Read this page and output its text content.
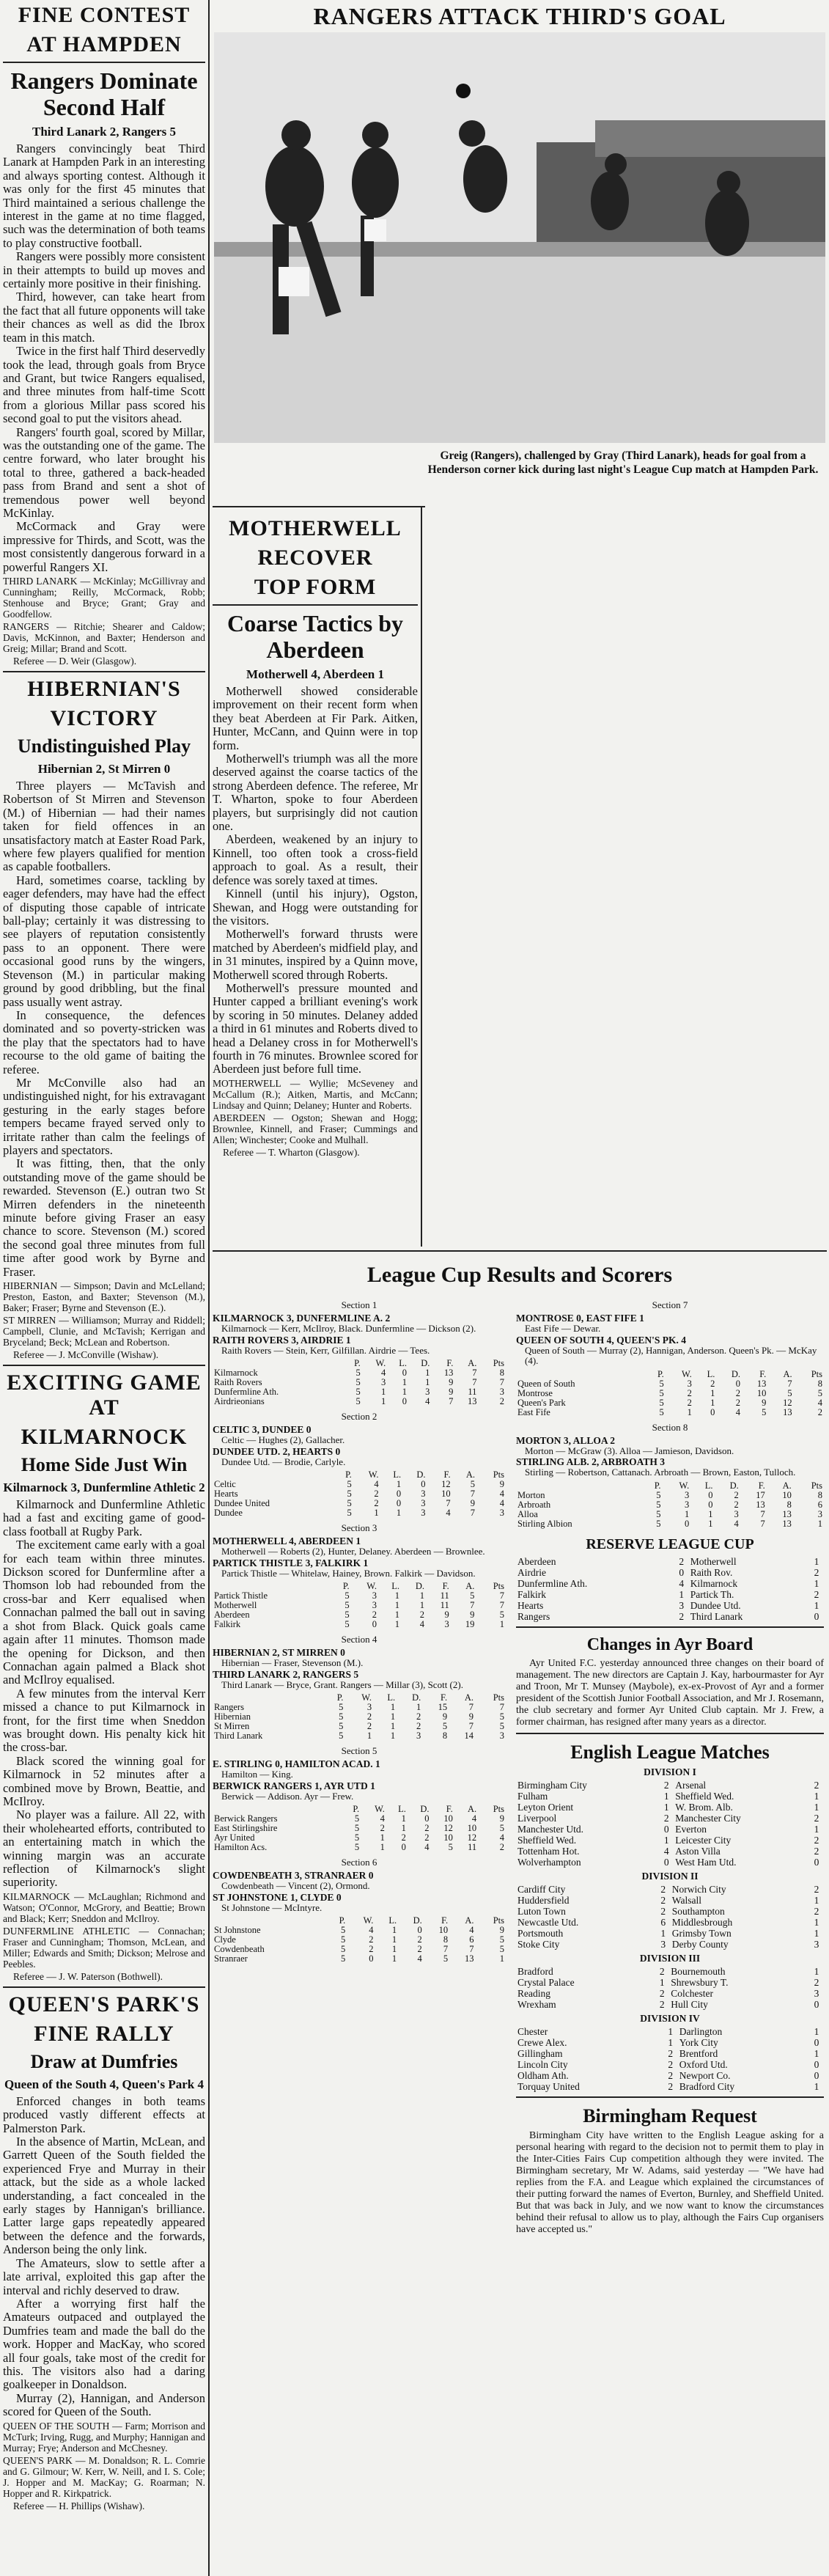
FINE CONTEST
AT HAMPDEN
Rangers Dominate Second Half
Third Lanark 2, Rangers 5

Rangers convincingly beat Third Lanark at Hampden Park in an interesting and always sporting contest. Although it was only for the first 45 minutes that Third maintained a serious challenge the interest in the game at no time flagged, such was the determination of both teams to play constructive football.

Rangers were possibly more consistent in their attempts to build up moves and certainly more positive in their finishing.

Third, however, can take heart from the fact that all future opponents will take their chances as well as did the Ibrox team in this match.

Twice in the first half Third deservedly took the lead, through goals from Bryce and Grant, but twice Rangers equalised, and three minutes from half-time Scott from a glorious Millar pass scored his second goal to put the visitors ahead.

Rangers' fourth goal, scored by Millar, was the outstanding one of the game. The centre forward, who later brought his total to three, gathered a back-headed pass from Brand and sent a shot of tremendous power well beyond McKinlay.

McCormack and Gray were impressive for Thirds, and Scott, was the most consistently dangerous forward in a powerful Rangers XI.

THIRD LANARK — McKinlay; McGillivray and Cunningham; Reilly, McCormack, Robb; Stenhouse and Bryce; Grant; Gray and Goodfellow.

RANGERS — Ritchie; Shearer and Caldow; Davis, McKinnon, and Baxter; Henderson and Greig; Millar; Brand and Scott.

Referee — D. Weir (Glasgow).

HIBERNIAN'S
VICTORY
Undistinguished Play
Hibernian 2, St Mirren 0

Three players — McTavish and Robertson of St Mirren and Stevenson (M.) of Hibernian — had their names taken for field offences in an unsatisfactory match at Easter Road Park, where few players qualified for mention as capable footballers.

Hard, sometimes coarse, tackling by eager defenders, may have had the effect of disputing those capable of intricate ball-play; certainly it was distressing to see players of reputation consistently pass to an opponent. There were occasional good runs by the wingers, Stevenson (M.) in particular making ground by good dribbling, but the final pass usually went astray.

In consequence, the defences dominated and so poverty-stricken was the play that the spectators had to have recourse to the old game of baiting the referee.

Mr McConville also had an undistinguished night, for his extravagant gesturing in the early stages before tempers became frayed served only to irritate rather than calm the feelings of players and spectators.

It was fitting, then, that the only outstanding move of the game should be rewarded. Stevenson (E.) outran two St Mirren defenders in the nineteenth minute before giving Fraser an easy chance to score. Stevenson (M.) scored the second goal three minutes from full time after good work by Byrne and Fraser.

HIBERNIAN — Simpson; Davin and McLelland; Preston, Easton, and Baxter; Stevenson (M.), Baker; Fraser; Byrne and Stevenson (E.).

ST MIRREN — Williamson; Murray and Riddell; Campbell, Clunie, and McTavish; Kerrigan and Bryceland; Beck; McLean and Robertson.

Referee — J. McConville (Wishaw).

EXCITING GAME AT
KILMARNOCK
Home Side Just Win
Kilmarnock 3, Dunfermline Athletic 2

Kilmarnock and Dunfermline Athletic had a fast and exciting game of good-class football at Rugby Park.

The excitement came early with a goal for each team within three minutes. Dickson scored for Dunfermline after a Thomson lob had rebounded from the cross-bar and Kerr equalised when Connachan palmed the ball out in saving a shot from Black. Quick goals came again after 11 minutes. Thomson made the opening for Dickson, and then Connachan again palmed a Black shot and McIlroy equalised.

A few minutes from the interval Kerr missed a chance to put Kilmarnock in front, for the first time when Sneddon was brought down. His penalty kick hit the cross-bar.

Black scored the winning goal for Kilmarnock in 52 minutes after a combined move by Brown, Beattie, and McIlroy.

No player was a failure. All 22, with their wholehearted efforts, contributed to an entertaining match in which the winning margin was an accurate reflection of Kilmarnock's slight superiority.

KILMARNOCK — McLaughlan; Richmond and Watson; O'Connor, McGrory, and Beattie; Brown and Black; Kerr; Sneddon and McIlroy.

DUNFERMLINE ATHLETIC — Connachan; Fraser and Cunningham; Thomson, McLean, and Miller; Edwards and Smith; Dickson; Melrose and Peebles.

Referee — J. W. Paterson (Bothwell).

QUEEN'S PARK'S
FINE RALLY
Draw at Dumfries
Queen of the South 4, Queen's Park 4

Enforced changes in both teams produced vastly different effects at Palmerston Park.

In the absence of Martin, McLean, and Garrett Queen of the South fielded the experienced Frye and Murray in their attack, but the side as a whole lacked understanding, a fact concealed in the early stages by Hannigan's brilliance. Latter large gaps repeatedly appeared between the defence and the forwards, Anderson being the only link.

The Amateurs, slow to settle after a late arrival, exploited this gap after the interval and richly deserved to draw.

After a worrying first half the Amateurs outpaced and outplayed the Dumfries team and made the ball do the work. Hopper and MacKay, who scored all four goals, take most of the credit for this. The visitors also had a daring goalkeeper in Donaldson.

Murray (2), Hannigan, and Anderson scored for Queen of the South.

QUEEN OF THE SOUTH — Farm; Morrison and McTurk; Irving, Rugg, and Murphy; Hannigan and Murray; Frye; Anderson and McChesney.

QUEEN'S PARK — M. Donaldson; R. L. Comrie and G. Gilmour; W. Kerr, W. Neill, and I. S. Cole; J. Hopper and M. MacKay; G. Roarman; N. Hopper and R. Kirkpatrick.

Referee — H. Phillips (Wishaw).

RANGERS ATTACK THIRD'S GOAL
Greig (Rangers), challenged by Gray (Third Lanark), heads for goal from a Henderson corner kick during last night's League Cup match at Hampden Park.
MOTHERWELL
RECOVER
TOP FORM
Coarse Tactics by Aberdeen
Motherwell 4, Aberdeen 1

Motherwell showed considerable improvement on their recent form when they beat Aberdeen at Fir Park. Aitken, Hunter, McCann, and Quinn were in top form.

Motherwell's triumph was all the more deserved against the coarse tactics of the strong Aberdeen defence. The referee, Mr T. Wharton, spoke to four Aberdeen players, but surprisingly did not caution one.

Aberdeen, weakened by an injury to Kinnell, too often took a cross-field approach to goal. As a result, their defence was sorely taxed at times.

Kinnell (until his injury), Ogston, Shewan, and Hogg were outstanding for the visitors.

Motherwell's forward thrusts were matched by Aberdeen's midfield play, and in 31 minutes, inspired by a Quinn move, Motherwell scored through Roberts.

Motherwell's pressure mounted and Hunter capped a brilliant evening's work by scoring in 50 minutes. Delaney added a third in 61 minutes and Roberts dived to head a Delaney cross in for Motherwell's fourth in 76 minutes. Brownlee scored for Aberdeen just before full time.

MOTHERWELL — Wyllie; McSeveney and McCallum (R.); Aitken, Martis, and McCann; Lindsay and Quinn; Delaney; Hunter and Roberts.

ABERDEEN — Ogston; Shewan and Hogg; Brownlee, Kinnell, and Fraser; Cummings and Allen; Winchester; Cooke and Mulhall.

Referee — T. Wharton (Glasgow).

League Cup Results and Scorers
Section 1
KILMARNOCK 3, DUNFERMLINE A. 2
Kilmarnock — Kerr, McIlroy, Black. Dunfermline — Dickson (2).
RAITH ROVERS 3, AIRDRIE 1
Raith Rovers — Stein, Kerr, Gilfillan. Airdrie — Tees.
	P.	W.	L.	D.	F.	A.	Pts
Kilmarnock	5	4	0	1	13	7	8
Raith Rovers	5	3	1	1	9	7	7
Dunfermline Ath.	5	1	1	3	9	11	3
Airdrieonians	5	1	0	4	7	13	2
Section 2
CELTIC 3, DUNDEE 0
Celtic — Hughes (2), Gallacher.
DUNDEE UTD. 2, HEARTS 0
Dundee Utd. — Brodie, Carlyle.
	P.	W.	L.	D.	F.	A.	Pts
Celtic	5	4	1	0	12	5	9
Hearts	5	2	0	3	10	7	4
Dundee United	5	2	0	3	7	9	4
Dundee	5	1	1	3	4	7	3
Section 3
MOTHERWELL 4, ABERDEEN 1
Motherwell — Roberts (2), Hunter, Delaney. Aberdeen — Brownlee.
PARTICK THISTLE 3, FALKIRK 1
Partick Thistle — Whitelaw, Hainey, Brown. Falkirk — Davidson.
	P.	W.	L.	D.	F.	A.	Pts
Partick Thistle	5	3	1	1	11	5	7
Motherwell	5	3	1	1	11	7	7
Aberdeen	5	2	1	2	9	9	5
Falkirk	5	0	1	4	3	19	1
Section 4
HIBERNIAN 2, ST MIRREN 0
Hibernian — Fraser, Stevenson (M.).
THIRD LANARK 2, RANGERS 5
Third Lanark — Bryce, Grant. Rangers — Millar (3), Scott (2).
	P.	W.	L.	D.	F.	A.	Pts
Rangers	5	3	1	1	15	7	7
Hibernian	5	2	1	2	9	9	5
St Mirren	5	2	1	2	5	7	5
Third Lanark	5	1	1	3	8	14	3
Section 5
E. STIRLING 0, HAMILTON ACAD. 1
Hamilton — King.
BERWICK RANGERS 1, AYR UTD 1
Berwick — Addison. Ayr — Frew.
	P.	W.	L.	D.	F.	A.	Pts
Berwick Rangers	5	4	1	0	10	4	9
East Stirlingshire	5	2	1	2	12	10	5
Ayr United	5	1	2	2	10	12	4
Hamilton Acs.	5	1	0	4	5	11	2
Section 6
COWDENBEATH 3, STRANRAER 0
Cowdenbeath — Vincent (2), Ormond.
ST JOHNSTONE 1, CLYDE 0
St Johnstone — McIntyre.
	P.	W.	L.	D.	F.	A.	Pts
St Johnstone	5	4	1	0	10	4	9
Clyde	5	2	1	2	8	6	5
Cowdenbeath	5	2	1	2	7	7	5
Stranraer	5	0	1	4	5	13	1
Section 7
MONTROSE 0, EAST FIFE 1
East Fife — Dewar.
QUEEN OF SOUTH 4, QUEEN'S PK. 4
Queen of South — Murray (2), Hannigan, Anderson. Queen's Pk. — McKay (4).
	P.	W.	L.	D.	F.	A.	Pts
Queen of South	5	3	2	0	13	7	8
Montrose	5	2	1	2	10	5	5
Queen's Park	5	2	1	2	9	12	4
East Fife	5	1	0	4	5	13	2
Section 8
MORTON 3, ALLOA 2
Morton — McGraw (3). Alloa — Jamieson, Davidson.
STIRLING ALB. 2, ARBROATH 3
Stirling — Robertson, Cattanach. Arbroath — Brown, Easton, Tulloch.
	P.	W.	L.	D.	F.	A.	Pts
Morton	5	3	0	2	17	10	8
Arbroath	5	3	0	2	13	8	6
Alloa	5	1	1	3	7	13	3
Stirling Albion	5	0	1	4	7	13	1
RESERVE LEAGUE CUP
Aberdeen	2	Motherwell	1
Airdrie	0	Raith Rov.	2
Dunfermline Ath.	4	Kilmarnock	1
Falkirk	1	Partick Th.	2
Hearts	3	Dundee Utd.	1
Rangers	2	Third Lanark	0
Changes in Ayr Board

Ayr United F.C. yesterday announced three changes on their board of management. The new directors are Captain J. Kay, harbourmaster for Ayr and Troon, Mr T. Munsey (Maybole), ex-ex-Provost of Ayr and a former president of the Scottish Junior Football Association, and Mr J. Rosemann, the club secretary and former Ayr United Club captain. Mr J. Frew, a former chairman, has resigned after many years as a director.

English League Matches
DIVISION I
Birmingham City	2	Arsenal	2
Fulham	1	Sheffield Wed.	1
Leyton Orient	1	W. Brom. Alb.	1
Liverpool	2	Manchester City	2
Manchester Utd.	0	Everton	1
Sheffield Wed.	1	Leicester City	2
Tottenham Hot.	4	Aston Villa	2
Wolverhampton	0	West Ham Utd.	0
DIVISION II
Cardiff City	2	Norwich City	2
Huddersfield	2	Walsall	1
Luton Town	2	Southampton	2
Newcastle Utd.	6	Middlesbrough	1
Portsmouth	1	Grimsby Town	1
Stoke City	3	Derby County	3
DIVISION III
Bradford	2	Bournemouth	1
Crystal Palace	1	Shrewsbury T.	2
Reading	2	Colchester	3
Wrexham	2	Hull City	0
DIVISION IV
Chester	1	Darlington	1
Crewe Alex.	1	York City	0
Gillingham	2	Brentford	1
Lincoln City	2	Oxford Utd.	0
Oldham Ath.	2	Newport Co.	0
Torquay United	2	Bradford City	1
Birmingham Request

Birmingham City have written to the English League asking for a personal hearing with regard to the decision not to permit them to play in the Inter-Cities Fairs Cup competition although they were invited. The Birmingham secretary, Mr W. Adams, said yesterday — "We have had replies from the F.A. and League which explained the circumstances of their putting forward the names of Everton, Burnley, and Sheffield United. But that was back in July, and we now want to know the circumstances behind their refusal to allow us to play, although the Fairs Cup organisers have accepted us."
